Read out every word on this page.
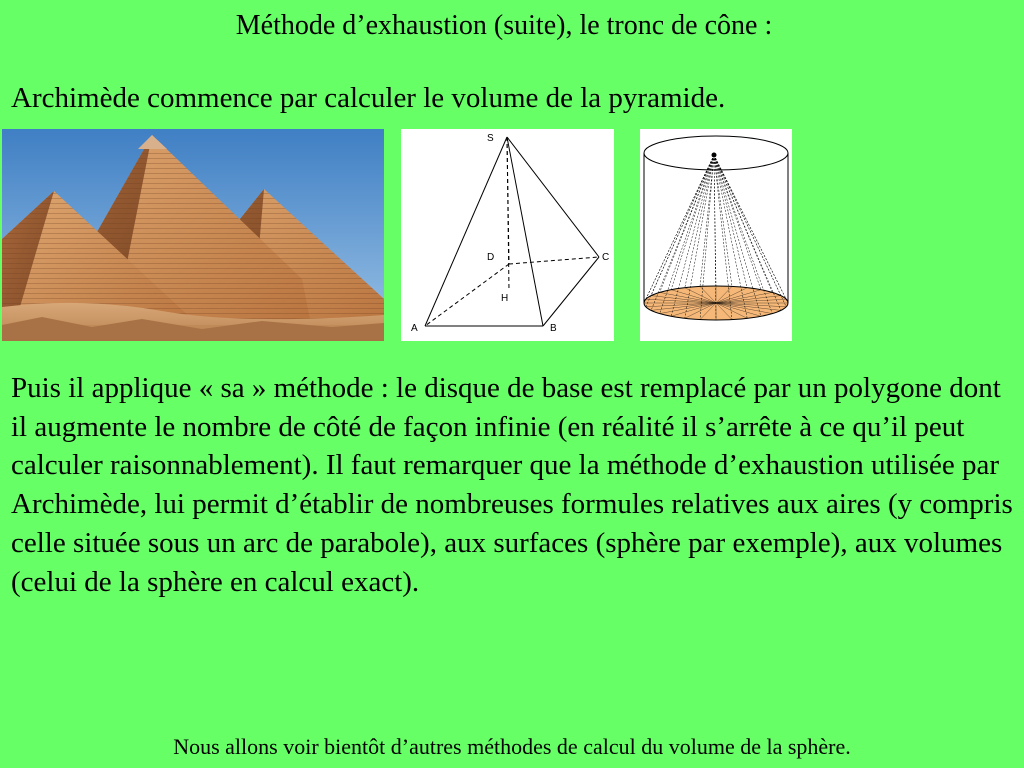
Méthode d’exhaustion (suite), le tronc de cône :
Archimède commence par calculer le volume de la pyramide.
S
A	B
C
D
H

Puis il applique « sa » méthode : le disque de base est remplacé par un polygone dont il augmente le nombre de côté de façon infinie (en réalité il s’arrête à ce qu’il peut calculer raisonnablement). Il faut remarquer que la méthode d’exhaustion utilisée par Archimède, lui permit d’établir de nombreuses formules relatives aux aires (y compris celle située sous un arc de parabole), aux surfaces (sphère par exemple), aux volumes (celui de la sphère en calcul exact).

Nous allons voir bientôt d’autres méthodes de calcul du volume de la sphère.
